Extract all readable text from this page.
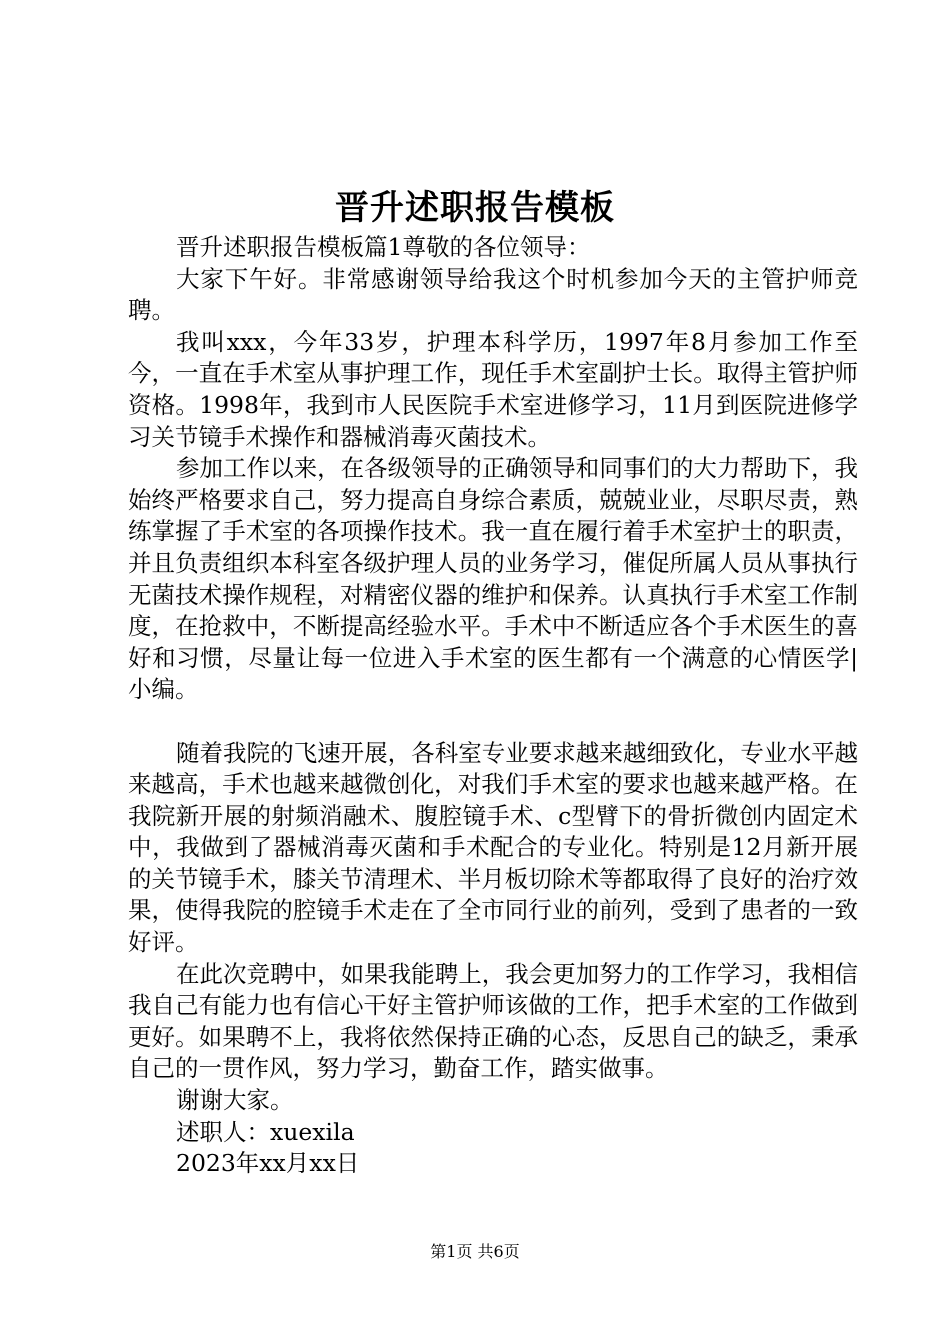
晋升述职报告模板

晋升述职报告模板篇1尊敬的各位领导：

大家下午好。非常感谢领导给我这个时机参加今天的主管护师竞聘。

我叫xxx，今年33岁，护理本科学历，1997年8月参加工作至今，一直在手术室从事护理工作，现任手术室副护士长。取得主管护师资格。1998年，我到市人民医院手术室进修学习，11月到医院进修学习关节镜手术操作和器械消毒灭菌技术。

参加工作以来，在各级领导的正确领导和同事们的大力帮助下，我始终严格要求自己，努力提高自身综合素质，兢兢业业，尽职尽责，熟练掌握了手术室的各项操作技术。我一直在履行着手术室护士的职责，并且负责组织本科室各级护理人员的业务学习，催促所属人员从事执行无菌技术操作规程，对精密仪器的维护和保养。认真执行手术室工作制度，在抢救中，不断提高经验水平。手术中不断适应各个手术医生的喜好和习惯，尽量让每一位进入手术室的医生都有一个满意的心情医学|小编。

随着我院的飞速开展，各科室专业要求越来越细致化，专业水平越来越高，手术也越来越微创化，对我们手术室的要求也越来越严格。在我院新开展的射频消融术、腹腔镜手术、c型臂下的骨折微创内固定术中，我做到了器械消毒灭菌和手术配合的专业化。特别是12月新开展的关节镜手术，膝关节清理术、半月板切除术等都取得了良好的治疗效果，使得我院的腔镜手术走在了全市同行业的前列，受到了患者的一致好评。

在此次竞聘中，如果我能聘上，我会更加努力的工作学习，我相信我自己有能力也有信心干好主管护师该做的工作，把手术室的工作做到更好。如果聘不上，我将依然保持正确的心态，反思自己的缺乏，秉承自己的一贯作风，努力学习，勤奋工作，踏实做事。

谢谢大家。

述职人：xuexila

2023年xx月xx日

第1页 共6页
